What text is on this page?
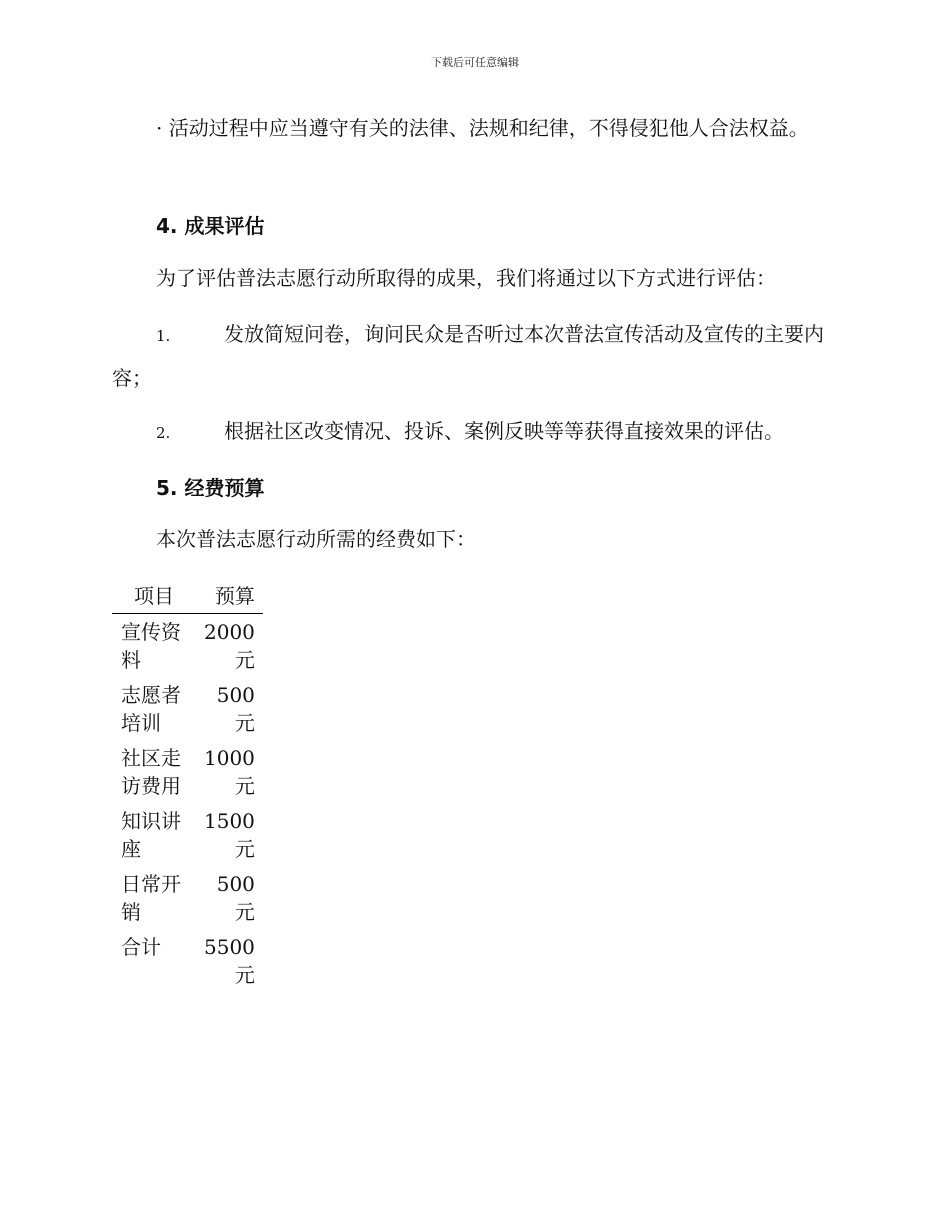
下载后可任意编辑
· 活动过程中应当遵守有关的法律、法规和纪律，不得侵犯他人合法权益。
4. 成果评估
为了评估普法志愿行动所取得的成果，我们将通过以下方式进行评估：
1.	发放简短问卷，询问民众是否听过本次普法宣传活动及宣传的主要内容；
2.	根据社区改变情况、投诉、案例反映等等获得直接效果的评估。
5. 经费预算
本次普法志愿行动所需的经费如下：
项目	预算
宣传资料	2000元
志愿者培训	500元
社区走访费用	1000元
知识讲座	1500元
日常开销	500元
合计	5500元
